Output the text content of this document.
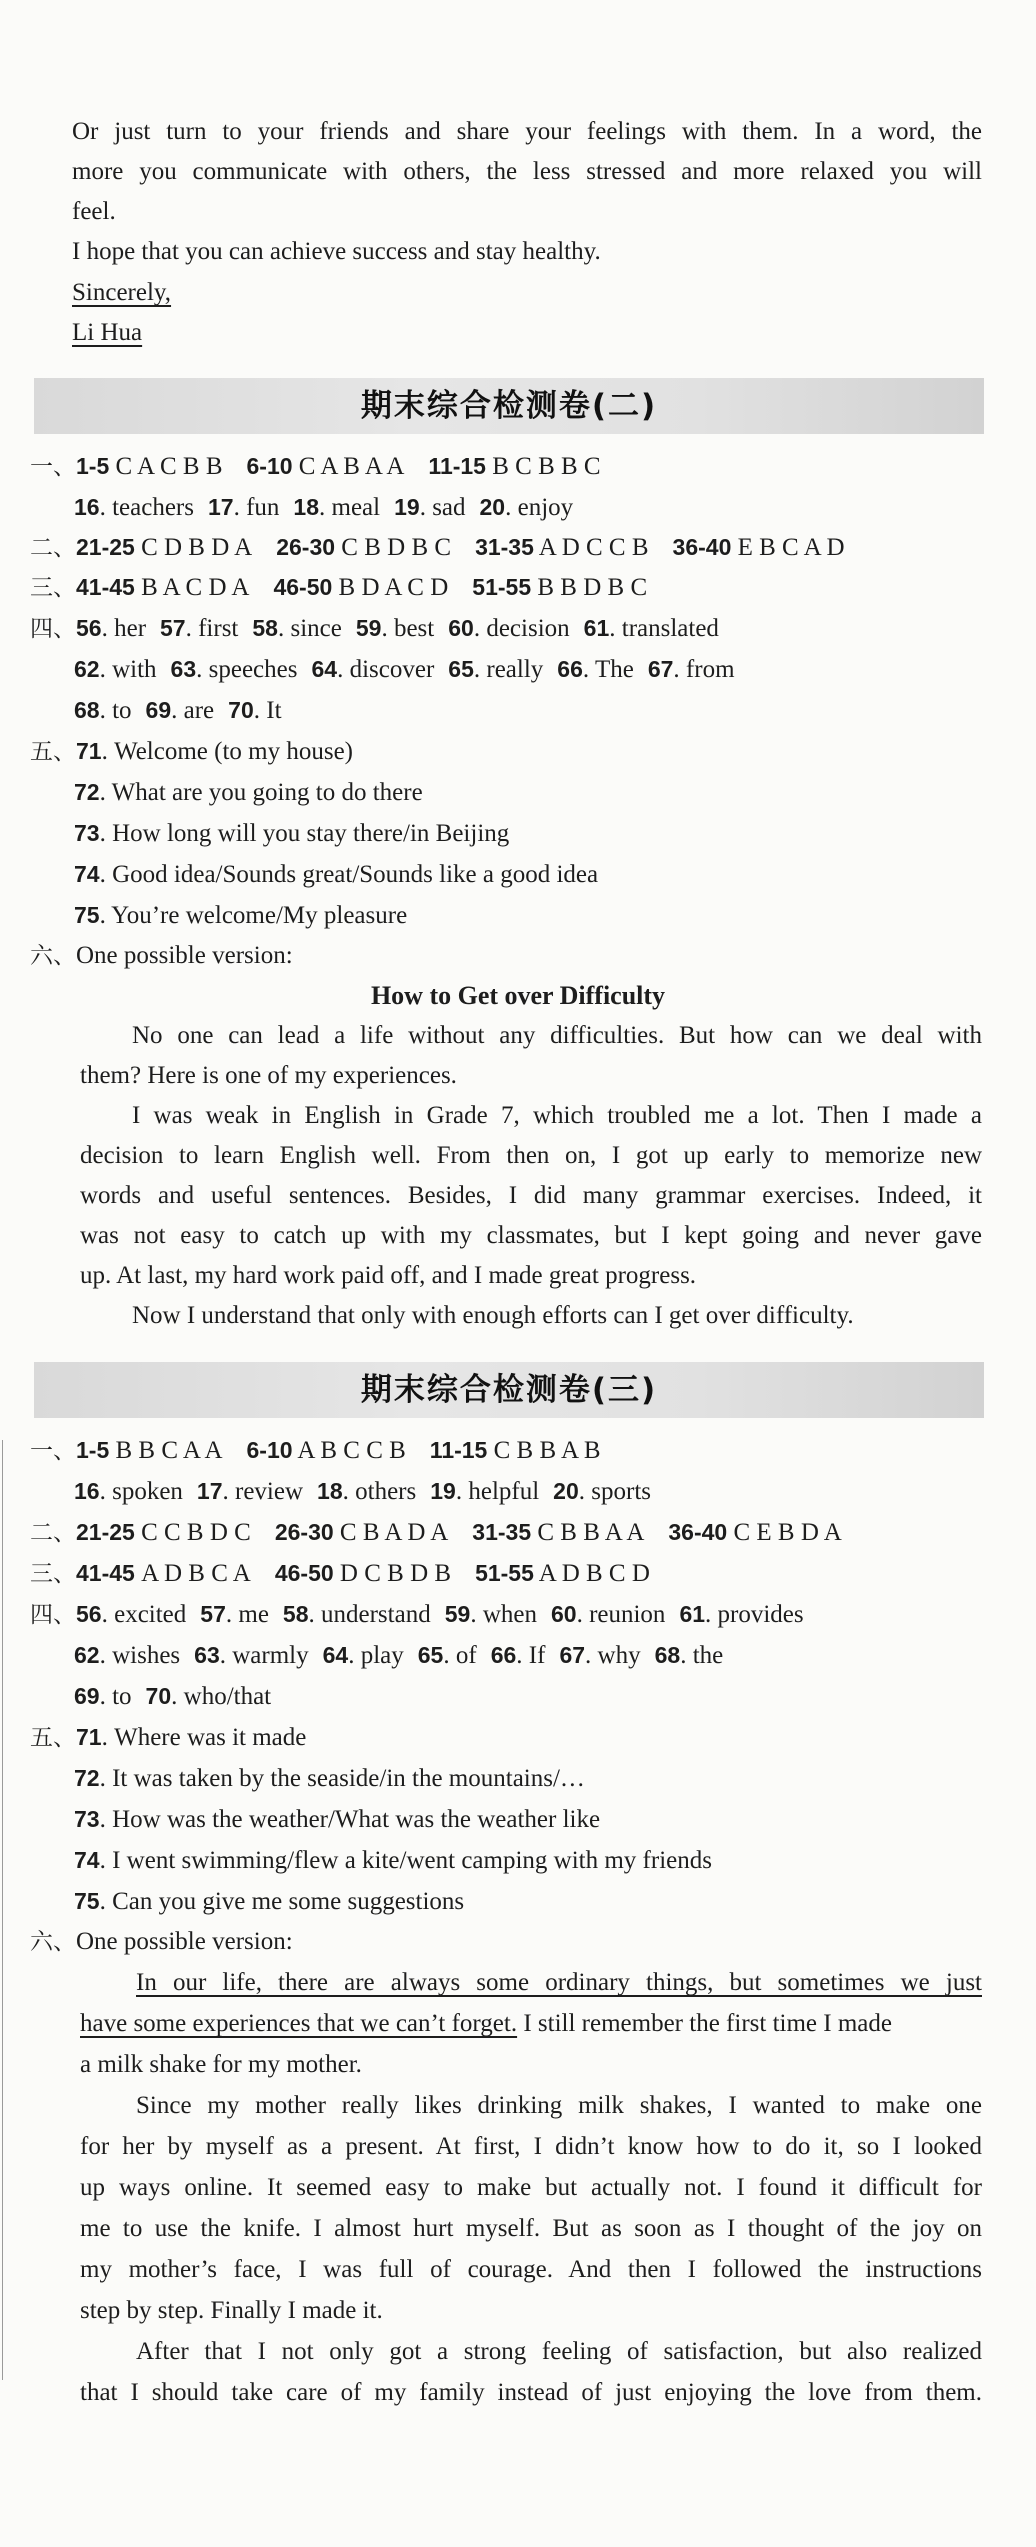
Or just turn to your friends and share your feelings with them. In a word, the
more you communicate with others, the less stressed and more relaxed you will
feel.
I hope that you can achieve success and stay healthy.
Sincerely,
Li Hua
期末综合检测卷(二)
一、1-5 C A C B B 6-10 C A B A A 11-15 B C B B C
16. teachers 17. fun 18. meal 19. sad 20. enjoy
二、21-25 C D B D A 26-30 C B D B C 31-35 A D C C B 36-40 E B C A D
三、41-45 B A C D A 46-50 B D A C D 51-55 B B D B C
四、56. her 57. first 58. since 59. best 60. decision 61. translated
62. with 63. speeches 64. discover 65. really 66. The 67. from
68. to 69. are 70. It
五、71. Welcome (to my house)
72. What are you going to do there
73. How long will you stay there/in Beijing
74. Good idea/Sounds great/Sounds like a good idea
75. You’re welcome/My pleasure
六、One possible version:
How to Get over Difficulty
No one can lead a life without any difficulties. But how can we deal with
them? Here is one of my experiences.
I was weak in English in Grade 7, which troubled me a lot. Then I made a
decision to learn English well. From then on, I got up early to memorize new
words and useful sentences. Besides, I did many grammar exercises. Indeed, it
was not easy to catch up with my classmates, but I kept going and never gave
up. At last, my hard work paid off, and I made great progress.
Now I understand that only with enough efforts can I get over difficulty.
期末综合检测卷(三)
一、1-5 B B C A A 6-10 A B C C B 11-15 C B B A B
16. spoken 17. review 18. others 19. helpful 20. sports
二、21-25 C C B D C 26-30 C B A D A 31-35 C B B A A 36-40 C E B D A
三、41-45 A D B C A 46-50 D C B D B 51-55 A D B C D
四、56. excited 57. me 58. understand 59. when 60. reunion 61. provides
62. wishes 63. warmly 64. play 65. of 66. If 67. why 68. the
69. to 70. who/that
五、71. Where was it made
72. It was taken by the seaside/in the mountains/…
73. How was the weather/What was the weather like
74. I went swimming/flew a kite/went camping with my friends
75. Can you give me some suggestions
六、One possible version:
In our life, there are always some ordinary things, but sometimes we just
have some experiences that we can’t forget. I still remember the first time I made
a milk shake for my mother.
Since my mother really likes drinking milk shakes, I wanted to make one
for her by myself as a present. At first, I didn’t know how to do it, so I looked
up ways online. It seemed easy to make but actually not. I found it difficult for
me to use the knife. I almost hurt myself. But as soon as I thought of the joy on
my mother’s face, I was full of courage. And then I followed the instructions
step by step. Finally I made it.
After that I not only got a strong feeling of satisfaction, but also realized
that I should take care of my family instead of just enjoying the love from them.
